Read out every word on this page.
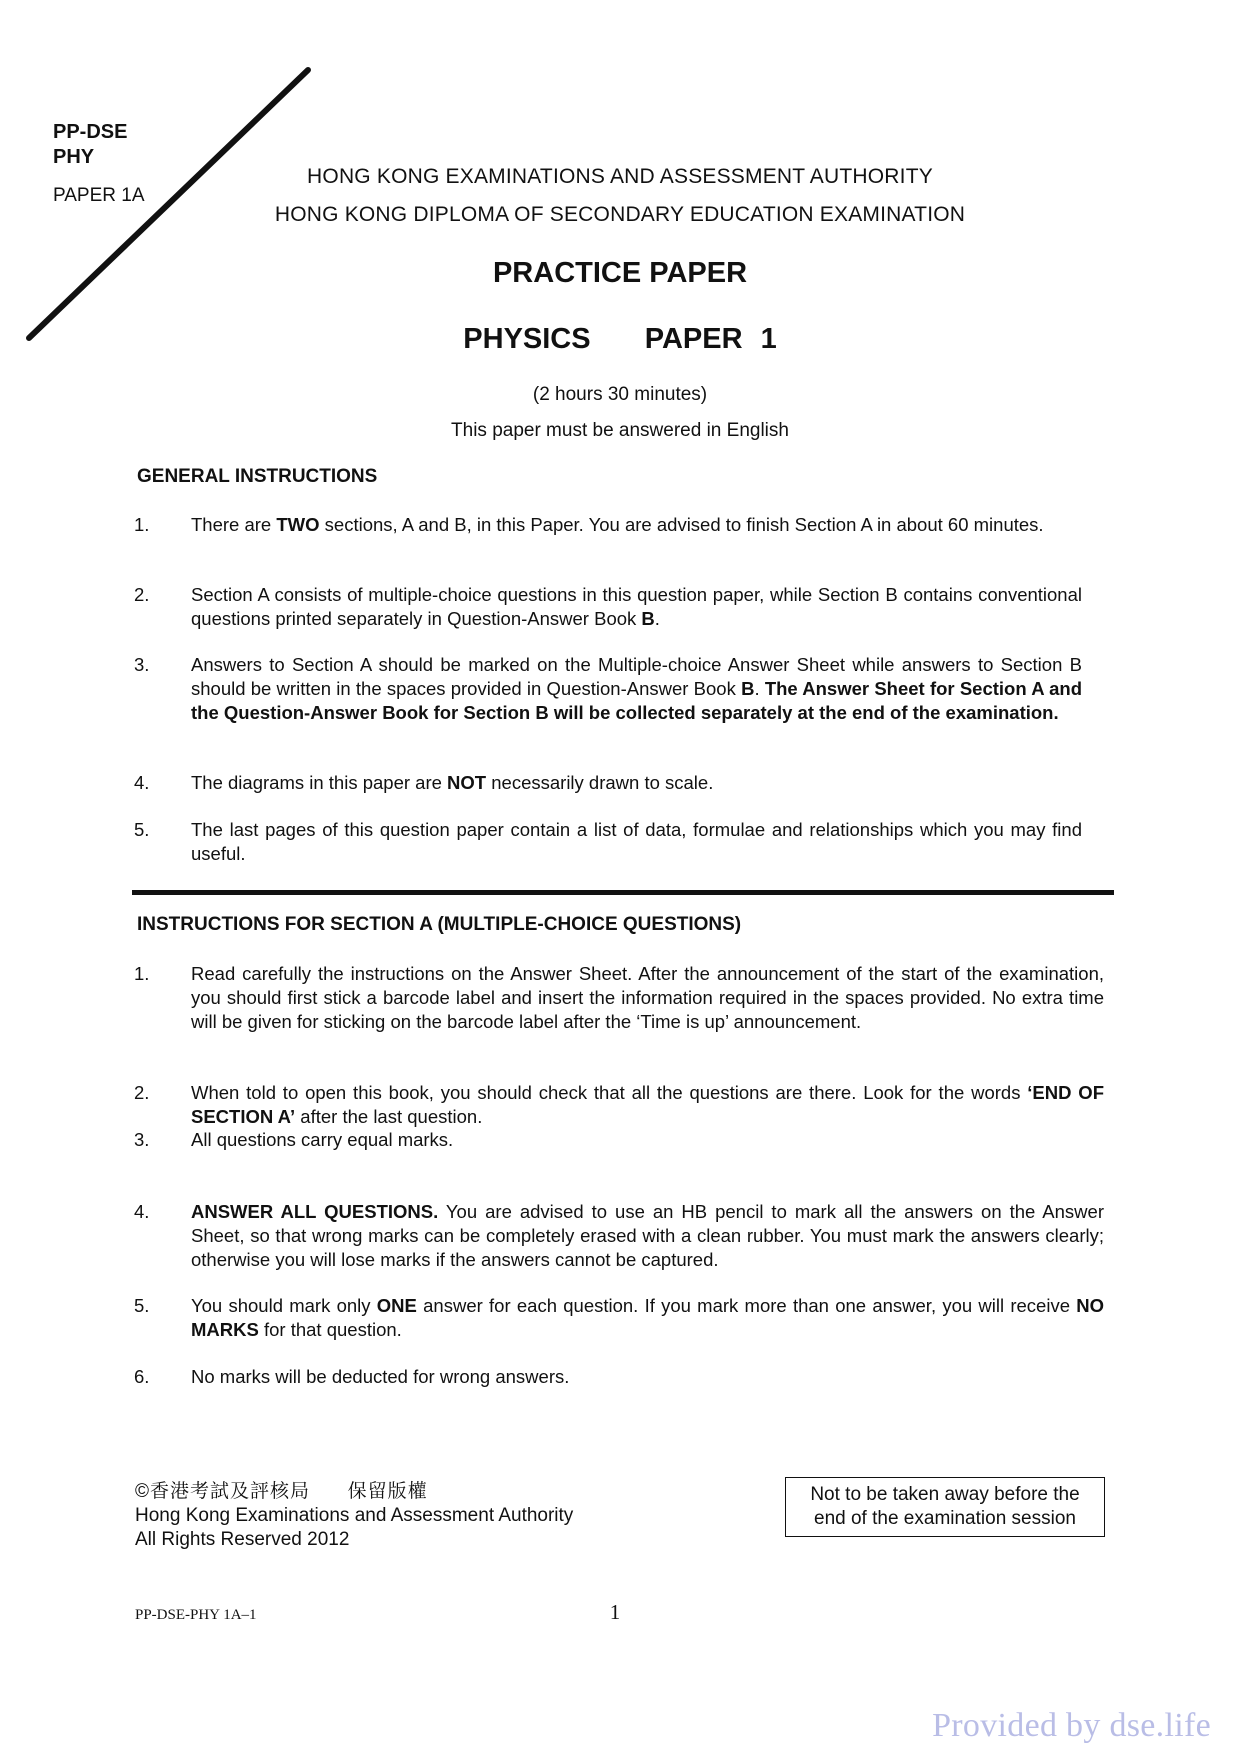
PP-DSE
PHY
PAPER 1A
HONG KONG EXAMINATIONS AND ASSESSMENT AUTHORITY
HONG KONG DIPLOMA OF SECONDARY EDUCATION EXAMINATION
PRACTICE PAPER
PHYSICS   PAPER 1
(2 hours 30 minutes)
This paper must be answered in English
GENERAL INSTRUCTIONS
1.	There are TWO sections, A and B, in this Paper. You are advised to finish Section A in about 60 minutes.
2.	Section A consists of multiple-choice questions in this question paper, while Section B contains conventional questions printed separately in Question-Answer Book B.
3.	Answers to Section A should be marked on the Multiple-choice Answer Sheet while answers to Section B should be written in the spaces provided in Question-Answer Book B. The Answer Sheet for Section A and the Question-Answer Book for Section B will be collected separately at the end of the examination.
4.	The diagrams in this paper are NOT necessarily drawn to scale.
5.	The last pages of this question paper contain a list of data, formulae and relationships which you may find useful.
INSTRUCTIONS FOR SECTION A (MULTIPLE-CHOICE QUESTIONS)
1.	Read carefully the instructions on the Answer Sheet. After the announcement of the start of the examination, you should first stick a barcode label and insert the information required in the spaces provided. No extra time will be given for sticking on the barcode label after the ‘Time is up’ announcement.
2.	When told to open this book, you should check that all the questions are there. Look for the words ‘END OF SECTION A’ after the last question.
3.	All questions carry equal marks.
4.	ANSWER ALL QUESTIONS. You are advised to use an HB pencil to mark all the answers on the Answer Sheet, so that wrong marks can be completely erased with a clean rubber. You must mark the answers clearly; otherwise you will lose marks if the answers cannot be captured.
5.	You should mark only ONE answer for each question. If you mark more than one answer, you will receive NO MARKS for that question.
6.	No marks will be deducted for wrong answers.
©香港考試及評核局      保留版權
Hong Kong Examinations and Assessment Authority
All Rights Reserved 2012
Not to be taken away before the
end of the examination session
PP-DSE-PHY 1A–1	1
Provided by dse.life
